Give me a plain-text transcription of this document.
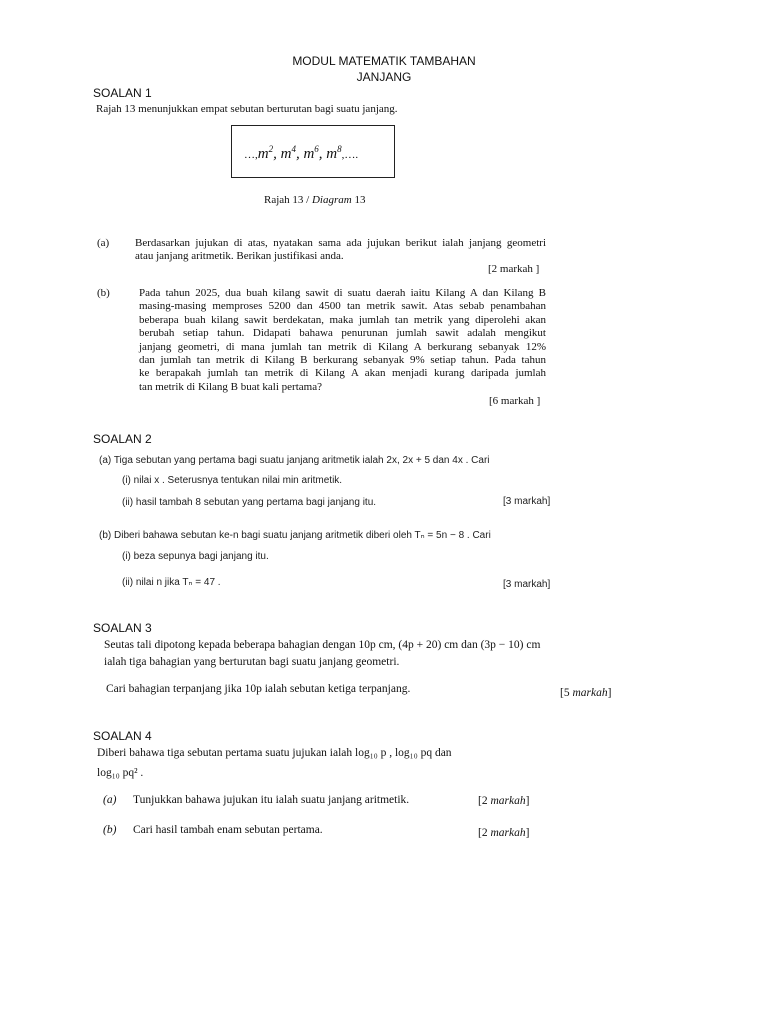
MODUL MATEMATIK TAMBAHAN
JANJANG
SOALAN 1
Rajah 13 menunjukkan empat sebutan berturutan bagi suatu janjang.
$\dots,m^2$, $m^4$, $m^6$, $m^8,\dots$.
Rajah 13 / Diagram 13
(a) Berdasarkan jujukan di atas, nyatakan sama ada jujukan berikut ialah janjang geometri
atau janjang aritmetik. Berikan justifikasi anda.
[2 markah ]
(b)	Pada tahun 2025, dua buah kilang sawit di suatu daerah iaitu Kilang A dan Kilang B
masing-masing memproses 5200 dan 4500 tan metrik sawit. Atas sebab penambahan
beberapa buah kilang sawit berdekatan, maka jumlah tan metrik yang diperolehi akan
berubah setiap tahun. Didapati bahawa penurunan jumlah sawit adalah mengikut
janjang geometri, di mana jumlah tan metrik di Kilang A berkurang sebanyak 12%
dan jumlah tan metrik di Kilang B berkurang sebanyak 9% setiap tahun. Pada tahun
ke berapakah jumlah tan metrik di Kilang A akan menjadi kurang daripada jumlah
tan metrik di Kilang B buat kali pertama?
[6 markah ]
SOALAN 2
(a) Tiga sebutan yang pertama bagi suatu janjang aritmetik ialah 2x, 2x + 5 dan 4x . Cari
(i) nilai x . Seterusnya tentukan nilai min aritmetik.
(ii) hasil tambah 8 sebutan yang pertama bagi janjang itu.	[3 markah]
(b) Diberi bahawa sebutan ke-n bagi suatu janjang aritmetik diberi oleh Tₙ = 5n − 8 . Cari
(i) beza sepunya bagi janjang itu.
(ii) nilai n jika Tₙ = 47 .	[3 markah]
SOALAN 3
Seutas tali dipotong kepada beberapa bahagian dengan 10p cm, (4p + 20) cm dan (3p − 10) cm
ialah tiga bahagian yang berturutan bagi suatu janjang geometri.
Cari bahagian terpanjang jika 10p ialah sebutan ketiga terpanjang.	[5 markah]
SOALAN 4
Diberi bahawa tiga sebutan pertama suatu jujukan ialah log₁₀ p , log₁₀ pq dan
log₁₀ pq² .
(a) Tunjukkan bahawa jujukan itu ialah suatu janjang aritmetik.	[2 markah]
(b) Cari hasil tambah enam sebutan pertama.	[2 markah]
